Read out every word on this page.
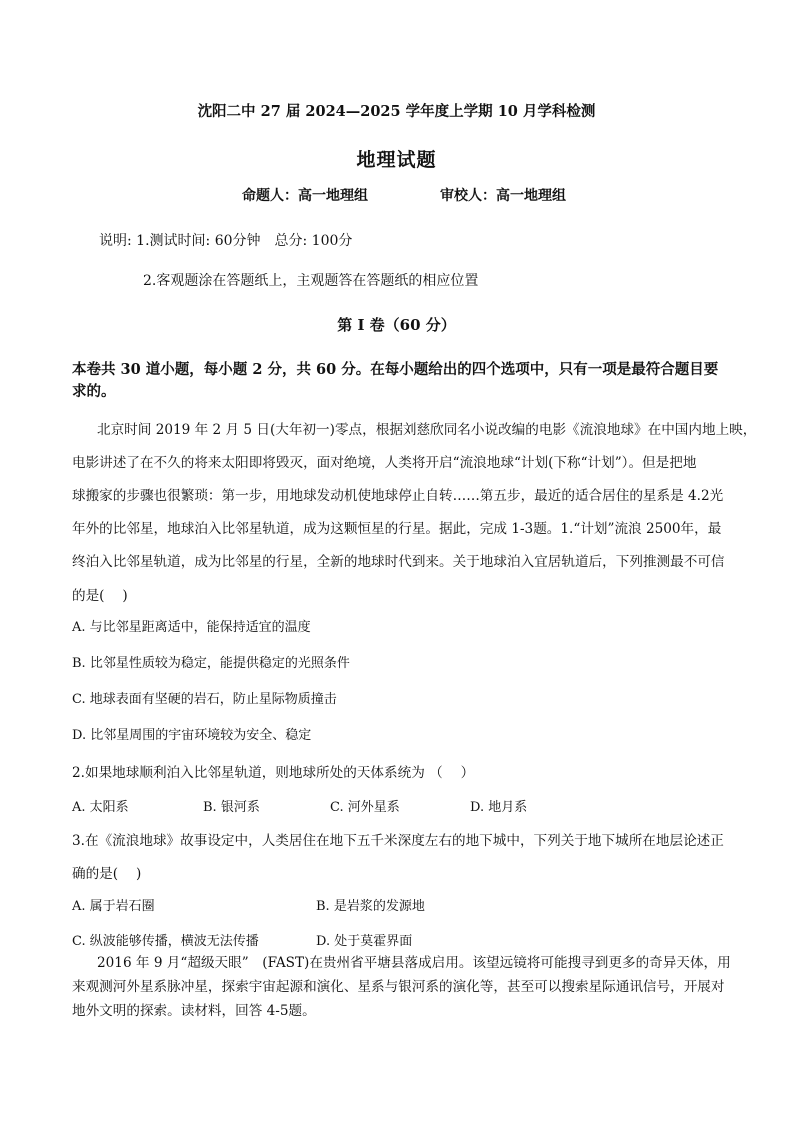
沈阳二中 27 届 2024—2025 学年度上学期 10 月学科检测
地理试题
命题人：高一地理组	审校人：高一地理组
说明: 1.测试时间: 60分钟　总分: 100分
2.客观题涂在答题纸上，主观题答在答题纸的相应位置
第 I 卷（60 分）
本卷共 30 道小题，每小题 2 分，共 60 分。在每小题给出的四个选项中，只有一项是最符合题目要求的。
北京时间 2019 年 2 月 5 日(大年初一)零点，根据刘慈欣同名小说改编的电影《流浪地球》在中国内地上映，
电影讲述了在不久的将来太阳即将毁灭，面对绝境，人类将开启“流浪地球“计划(下称“计划”）。但是把地
球搬家的步骤也很繁琐：第一步，用地球发动机使地球停止自转……第五步，最近的适合居住的星系是 4.2光
年外的比邻星，地球泊入比邻星轨道，成为这颗恒星的行星。据此，完成 1-3题。1.“计划”流浪 2500年，最
终泊入比邻星轨道，成为比邻星的行星，全新的地球时代到来。关于地球泊入宜居轨道后，下列推测最不可信
的是(　 )
A. 与比邻星距离适中，能保持适宜的温度
B. 比邻星性质较为稳定，能提供稳定的光照条件
C. 地球表面有坚硬的岩石，防止星际物质撞击
D. 比邻星周围的宇宙环境较为安全、稳定
2.如果地球顺利泊入比邻星轨道，则地球所处的天体系统为 （　 ）
A. 太阳系	B. 银河系	C. 河外星系	D. 地月系
3.在《流浪地球》故事设定中，人类居住在地下五千米深度左右的地下城中，下列关于地下城所在地层论述正
确的是(　 )
A. 属于岩石圈	B. 是岩浆的发源地
C. 纵波能够传播，横波无法传播	D. 处于莫霍界面
2016 年 9 月“超级天眼”　(FAST)在贵州省平塘县落成启用。该望远镜将可能搜寻到更多的奇异天体，用
来观测河外星系脉冲星，探索宇宙起源和演化、星系与银河系的演化等，甚至可以搜索星际通讯信号，开展对
地外文明的探索。读材料，回答 4-5题。
